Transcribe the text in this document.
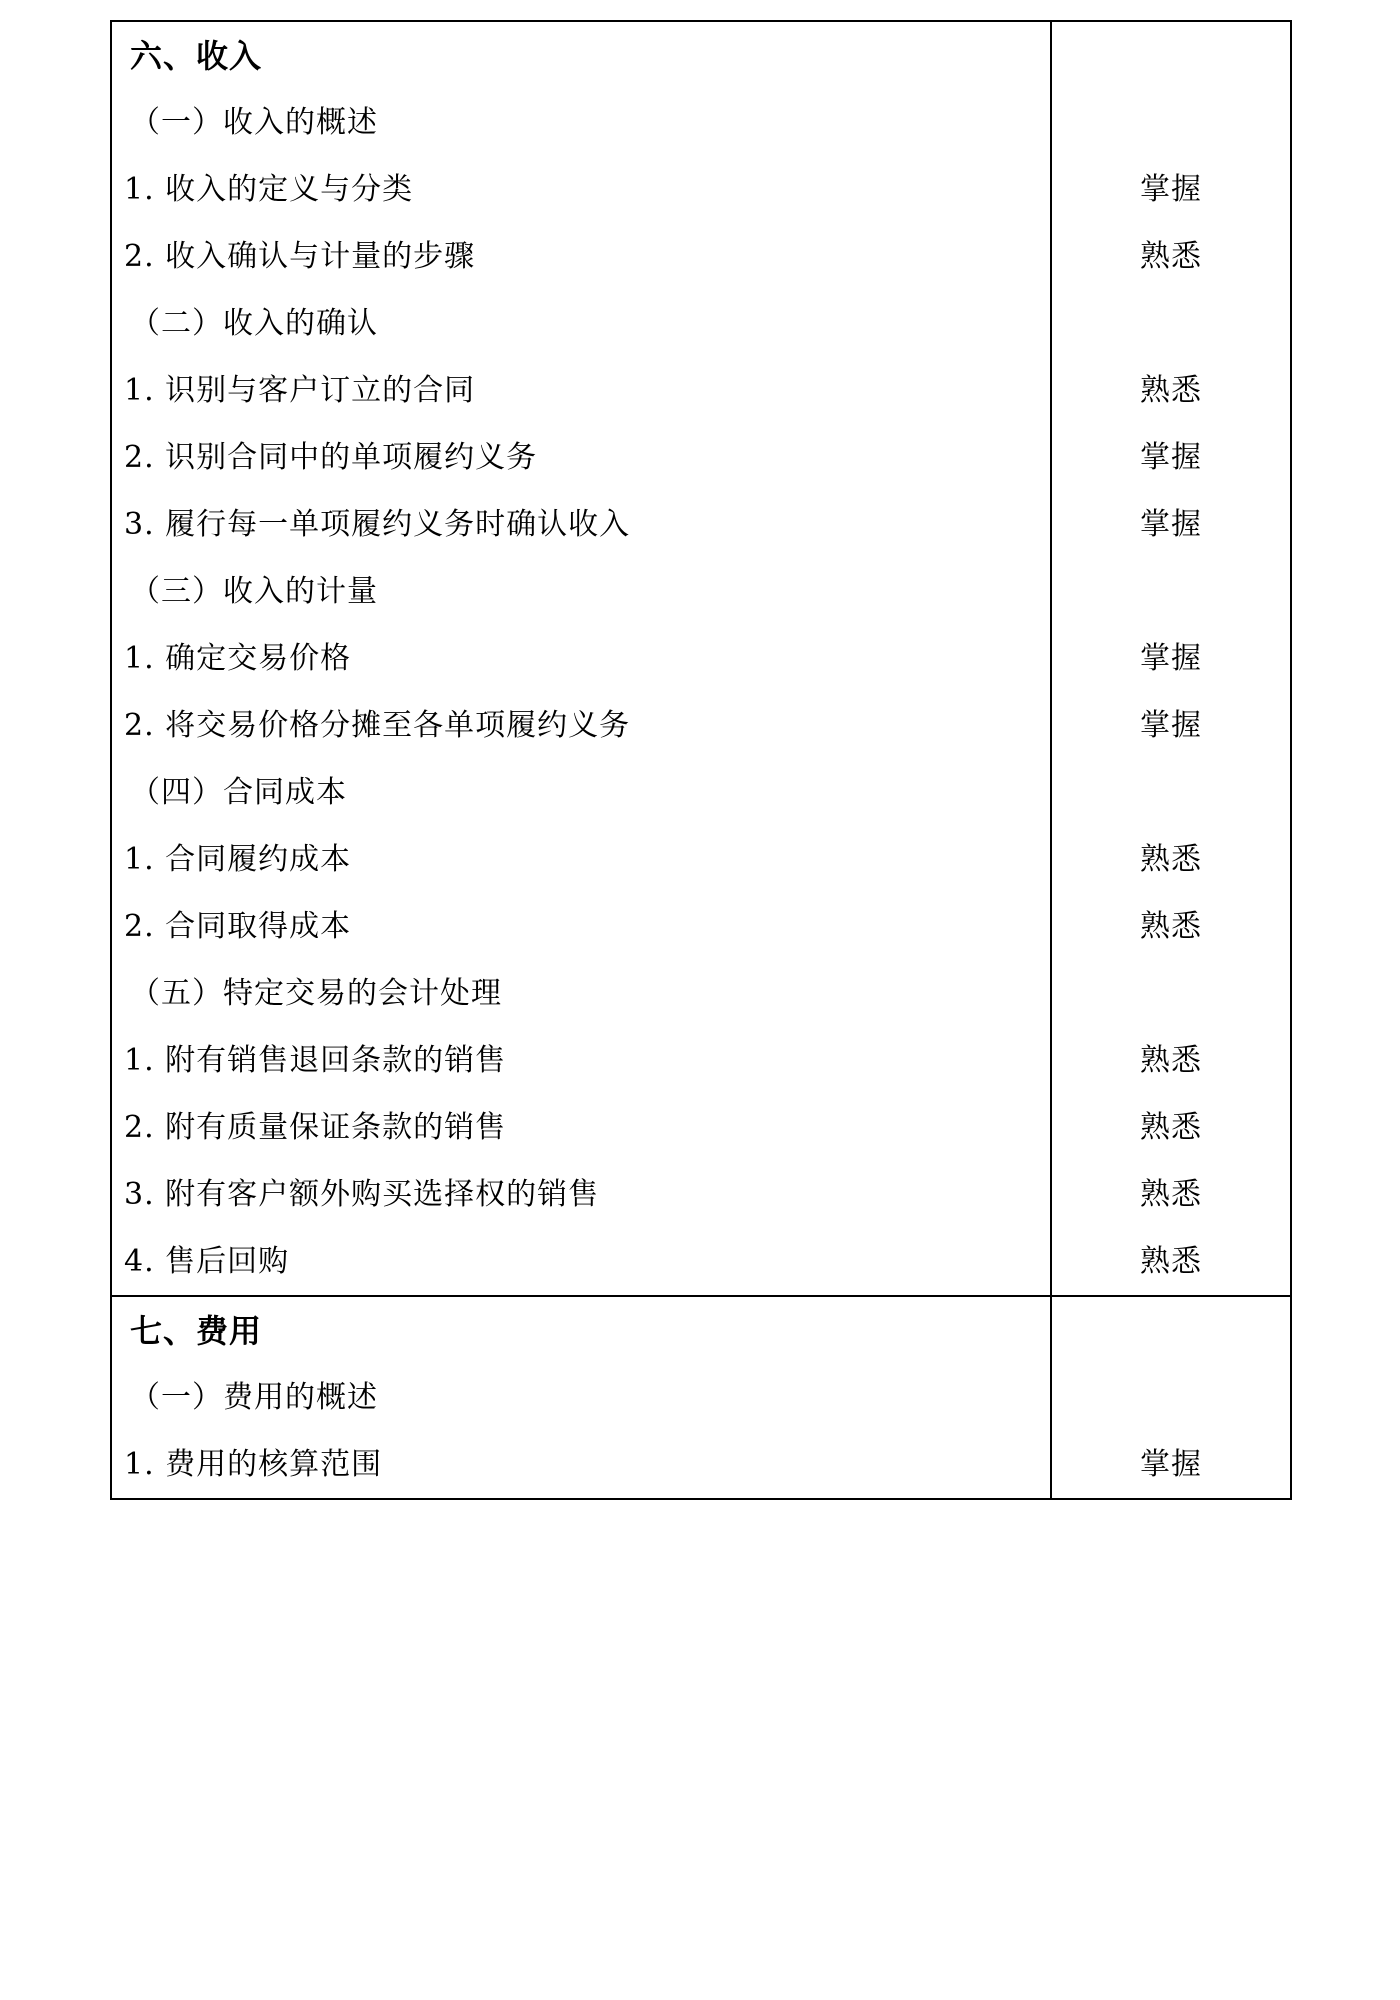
六、收入	
（一）收入的概述	
1. 收入的定义与分类	掌握
2. 收入确认与计量的步骤	熟悉
（二）收入的确认	
1. 识别与客户订立的合同	熟悉
2. 识别合同中的单项履约义务	掌握
3. 履行每一单项履约义务时确认收入	掌握
（三）收入的计量	
1. 确定交易价格	掌握
2. 将交易价格分摊至各单项履约义务	掌握
（四）合同成本	
1. 合同履约成本	熟悉
2. 合同取得成本	熟悉
（五）特定交易的会计处理	
1. 附有销售退回条款的销售	熟悉
2. 附有质量保证条款的销售	熟悉
3. 附有客户额外购买选择权的销售	熟悉
4. 售后回购	熟悉
七、费用	
（一）费用的概述	
1. 费用的核算范围	掌握
